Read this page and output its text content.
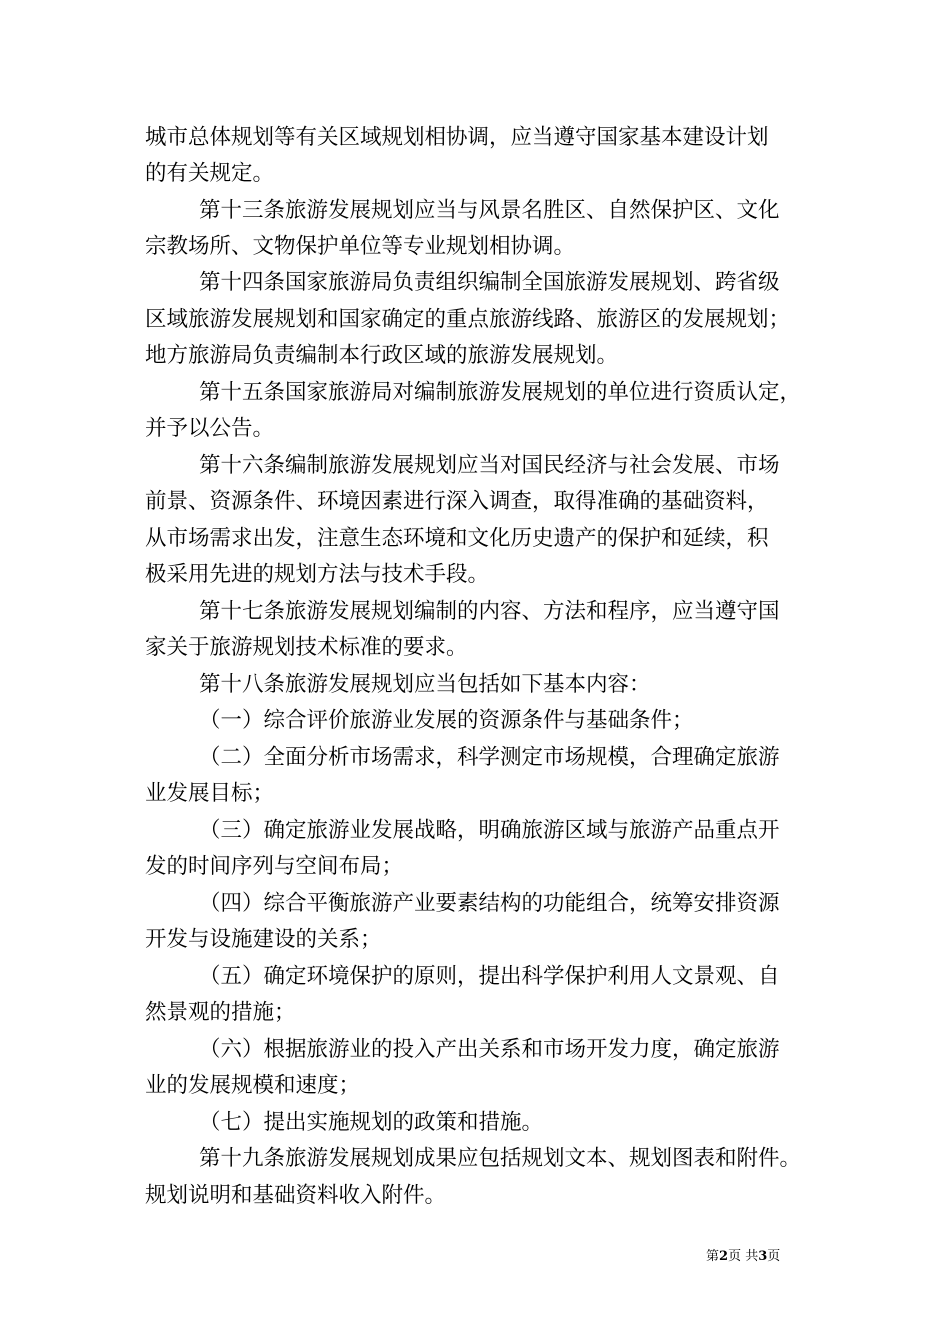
城市总体规划等有关区域规划相协调，应当遵守国家基本建设计划
的有关规定。
第十三条旅游发展规划应当与风景名胜区、自然保护区、文化
宗教场所、文物保护单位等专业规划相协调。
第十四条国家旅游局负责组织编制全国旅游发展规划、跨省级
区域旅游发展规划和国家确定的重点旅游线路、旅游区的发展规划；
地方旅游局负责编制本行政区域的旅游发展规划。
第十五条国家旅游局对编制旅游发展规划的单位进行资质认定，
并予以公告。
第十六条编制旅游发展规划应当对国民经济与社会发展、市场
前景、资源条件、环境因素进行深入调查，取得准确的基础资料，
从市场需求出发，注意生态环境和文化历史遗产的保护和延续，积
极采用先进的规划方法与技术手段。
第十七条旅游发展规划编制的内容、方法和程序，应当遵守国
家关于旅游规划技术标准的要求。
第十八条旅游发展规划应当包括如下基本内容：
（一）综合评价旅游业发展的资源条件与基础条件；
（二）全面分析市场需求，科学测定市场规模，合理确定旅游
业发展目标；
（三）确定旅游业发展战略，明确旅游区域与旅游产品重点开
发的时间序列与空间布局；
（四）综合平衡旅游产业要素结构的功能组合，统筹安排资源
开发与设施建设的关系；
（五）确定环境保护的原则，提出科学保护利用人文景观、自
然景观的措施；
（六）根据旅游业的投入产出关系和市场开发力度，确定旅游
业的发展规模和速度；
（七）提出实施规划的政策和措施。
第十九条旅游发展规划成果应包括规划文本、规划图表和附件。
规划说明和基础资料收入附件。
第2页 共3页
